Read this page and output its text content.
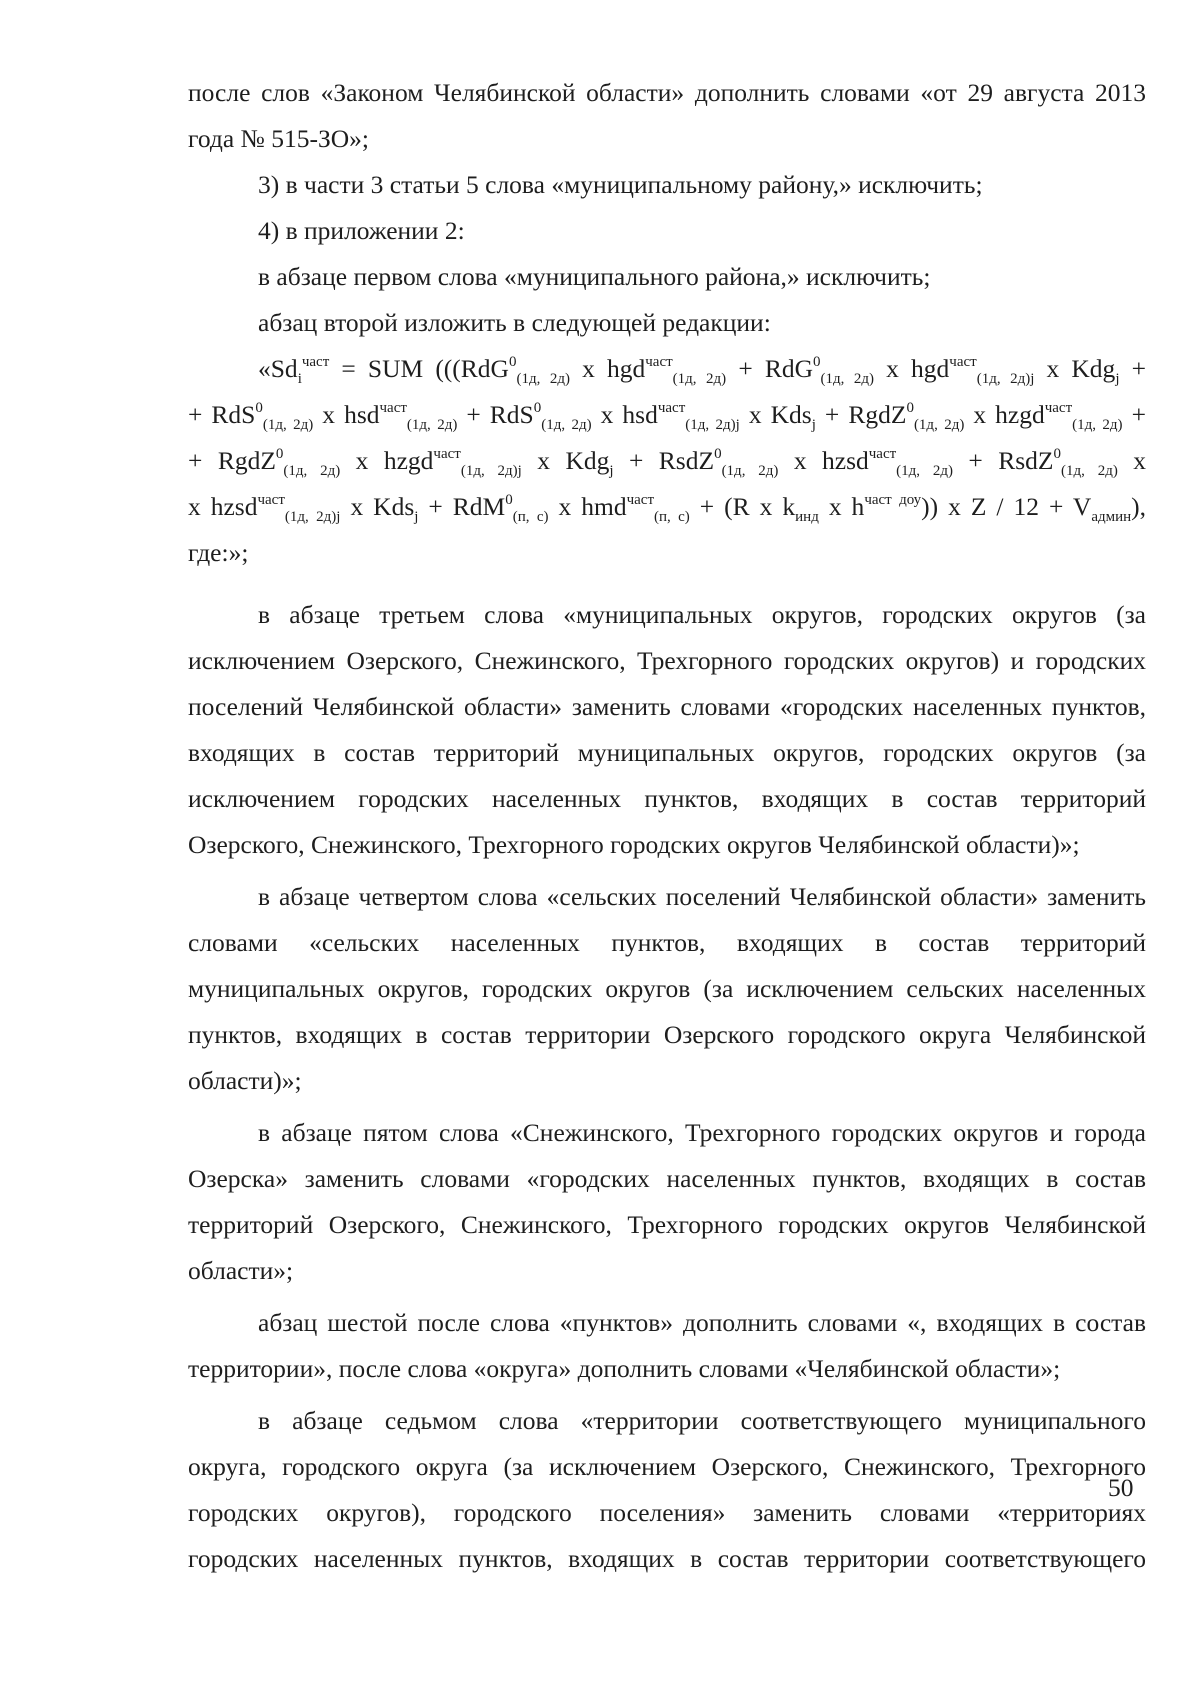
после слов «Законом Челябинской области» дополнить словами «от 29 августа 2013
года № 515-ЗО»;
3) в части 3 статьи 5 слова «муниципальному району,» исключить;
4) в приложении 2:
в абзаце первом слова «муниципального района,» исключить;
абзац второй изложить в следующей редакции:
«$Sd_i^{част}$ = SUM (((RdG$^0_{(1д, 2д)}$ x hgd$^{част}_{(1д, 2д)}$ + RdG$^0_{(1д, 2д)}$ x hgd$^{част}_{(1д, 2д)j}$ x Kdg$_j$ +
+ RdS$^0_{(1д, 2д)}$ x hsd$^{част}_{(1д, 2д)}$ + RdS$^0_{(1д, 2д)}$ x hsd$^{част}_{(1д, 2д)j}$ x Kds$_j$ + RgdZ$^0_{(1д, 2д)}$ x hzgd$^{част}_{(1д, 2д)}$ +
+ RgdZ$^0_{(1д, 2д)}$ x hzgd$^{част}_{(1д, 2д)j}$ x Kdg$_j$ + RsdZ$^0_{(1д, 2д)}$ x hzsd$^{част}_{(1д, 2д)}$ + RsdZ$^0_{(1д, 2д)}$ x
x hzsd$^{част}_{(1д, 2д)j}$ x Kds$_j$ + RdM$^0_{(п, с)}$ x hmd$^{част}_{(п, с)}$ + (R x $k_{инд}$ x $h^{част доу}$)) x $Z / 12 + V_{админ}$),
где:»;
в абзаце третьем слова «муниципальных округов, городских округов (за
исключением Озерского, Снежинского, Трехгорного городских округов) и городских
поселений Челябинской области» заменить словами «городских населенных пунктов,
входящих в состав территорий муниципальных округов, городских округов (за
исключением городских населенных пунктов, входящих в состав территорий
Озерского, Снежинского, Трехгорного городских округов Челябинской области)»;
в абзаце четвертом слова «сельских поселений Челябинской области» заменить
словами «сельских населенных пунктов, входящих в состав территорий
муниципальных округов, городских округов (за исключением сельских населенных
пунктов, входящих в состав территории Озерского городского округа Челябинской
области)»;
в абзаце пятом слова «Снежинского, Трехгорного городских округов и города
Озерска» заменить словами «городских населенных пунктов, входящих в состав
территорий Озерского, Снежинского, Трехгорного городских округов Челябинской
области»;
абзац шестой после слова «пунктов» дополнить словами «, входящих в состав
территории», после слова «округа» дополнить словами «Челябинской области»;
в абзаце седьмом слова «территории соответствующего муниципального
округа, городского округа (за исключением Озерского, Снежинского, Трехгорного
городских округов), городского поселения» заменить словами «территориях
городских населенных пунктов, входящих в состав территории соответствующего
50
